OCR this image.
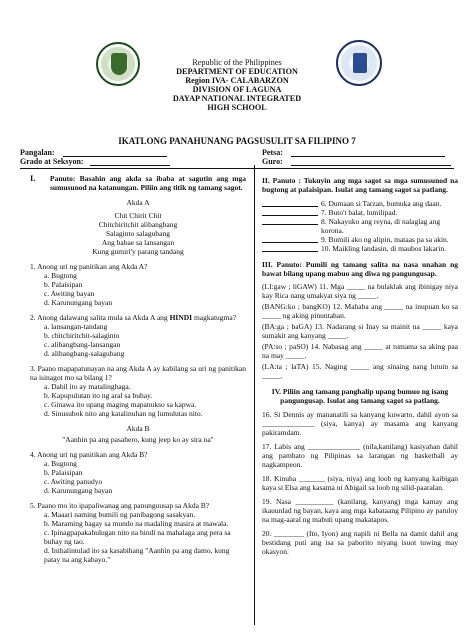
Republic of the Philippines
DEPARTMENT OF EDUCATION
Region IVA- CALABARZON
DIVISION OF LAGUNA
DAYAP NATIONAL INTEGRATED
HIGH SCHOOL
IKATLONG PANAHUNANG PAGSUSULIT SA FILIPINO 7
Pangalan:
Grado at Seksyon:
Petsa:
Guro:
I.	Panuto: Basahin ang akda sa ibaba at sagutin ang mga sumusunod na katanungan. Piliin ang titik ng tamang sagot.
Akda A
Chit Chirit Chit
Chitchiritchit alibangbang
Salaginto salagubang
Ang babae sa lansangan
Kung gumiri'y parang tandang
1. Anong uri ng panitikan ang Akda A?
a. Bugtong
b. Palaisipan
c. Awiting bayan
d. Karunungang bayan
2. Anong dalawang salita mula sa Akda A ang HINDI magkatugma?
a. lansangan-tandang
b. chitchiritchit-salaginto
c. alibangbang-lansangan
d. alibangbang-salagubang
3. Paano mapapatunayan na ang Akda A ay kabilang sa uri ng panitikan na isinagot mo sa bilang 1?
a. Dahil ito ay matalinghaga.
b. Kapupulutan ito ng aral sa buhay.
c. Ginawa ito upang maging mapanukso sa kapwa.
d. Sinusubok nito ang katalinuhan ng lumulutas nito.
Akda B
"Aanhin pa ang pasahero, kung jeep ko ay sira na"
4. Anong uri ng panitikan ang Akda B?
a. Bugtong
b. Palaisipan
c. Awiting panudyo
d. Karunungang bayan
5. Paano mo ito ipapaliwanag ang panunguusap sa Akda B?
a. Maaari naming bumili ng panibagong sasakyan.
b. Maraming bagay sa mundo na madaling masira at mawala.
c. Ipinagpapakahulugan nito na hindi na mahalaga ang pera sa buhay ng tao.
d. Inihalintulad ito sa kasabihang "Aanhin pa ang damo, kung patay na ang kabayo."
II. Panuto : Tukuyin ang mga sagot sa mga sumusunod na bugtong at palaisipan. Isulat ang tamang sagot sa patlang.
6. Dumaan si Tarzan, bumuka ang daan.
7. Buto't balat, lumilipad.
8. Nakayuko ang reyna, di nalaglag ang korona.
9. Bumili ako ng alipin, mataas pa sa akin.
10. Maikling landasin, di maubos lakarin.
III. Panuto: Pumili ng tamang salita na nasa unahan ng bawat bilang upang mabuo ang diwa ng pangungusap.
(LI:gaw ; liGAW) 11. Mga _____ na bulaklak ang ibinigay niya kay Rica nang umakyat siya ng _____.
(BANG:ko ; bangKO) 12. Mahaba ang _____ na inupuan ko sa _____ ng aking pinuntahan.
(BA:ga ; baGA) 13. Nadarang si Inay sa mainit na _____ kaya sumakit ang kanyang _____.
(PA:so ; paSO) 14. Nabasag ang _____ at tumama sa aking paa na may _____.
(LA:ta ; laTA) 15. Naging _____ ang sinaing nang lutuin sa _____.
IV. Piliin ang tamang panghalip upang bumuo ng isang pangungusap. Isulat ang tamang sagot sa patlang.
16. Si Dennis ay mananatili sa kanyang kuwarto, dahil ayon sa ______________ (siya, kanya) ay masama ang kanyang pakiramdam.
17. Labis ang ______________ (nila,kanilang) kasiyahan dahil ang pambato ng Pilipinas sa larangan ng basketball ay nagkampeon.
18. Kinuha _______ (siya, niya) ang loob ng kanyang kaibigan kaya si Elsa ang kasama ni Abigail sa loob ng silid-paaralan.
19. Nasa __________ (kanilang, kanyang) mga kamay ang ikauunlad ng bayan, kaya ang mga kabataang Pilipino ay patuloy na mag-aaral ng mabuti upang makatapos.
20. ________ (Ito, Iyon) ang napili ni Bella na damit dahil ang bestidang puti ang isa sa paborito niyang isuot tuwing may okasyon.
